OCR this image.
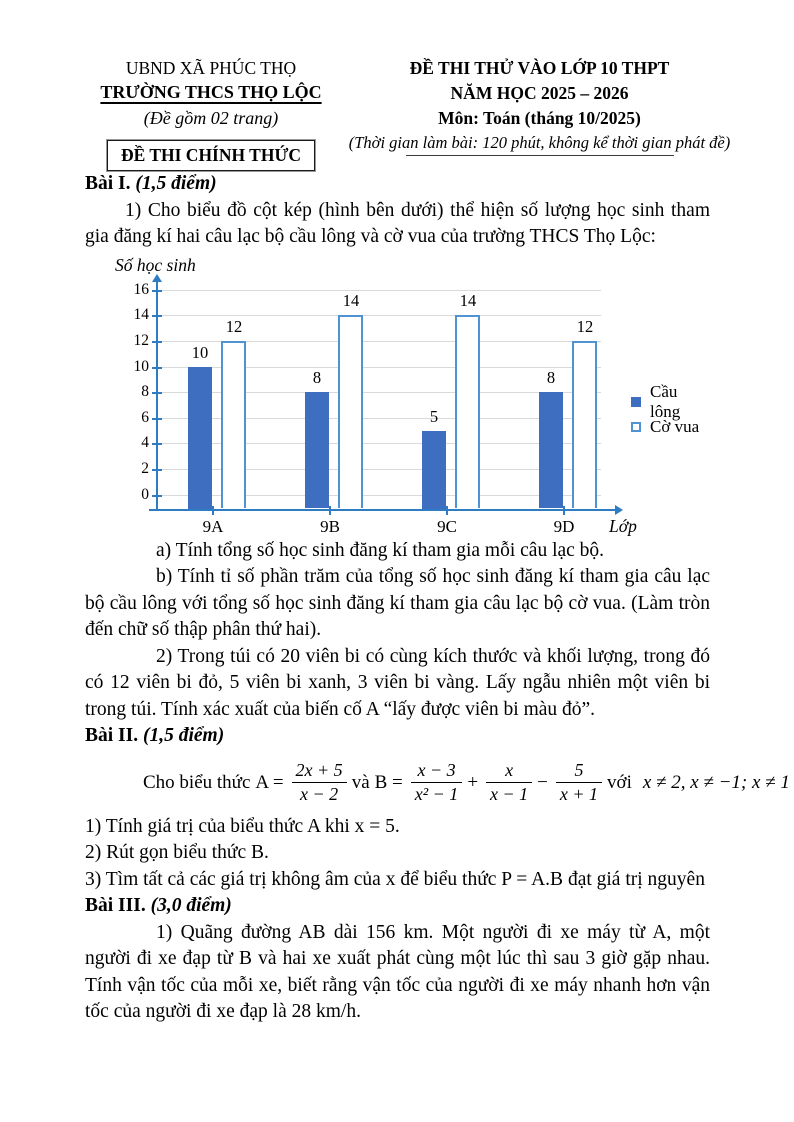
UBND XÃ PHÚC THỌ
TRƯỜNG THCS THỌ LỘC
(Đề gồm 02 trang)
ĐỀ THI CHÍNH THỨC
ĐỀ THI THỬ VÀO LỚP 10 THPT
NĂM HỌC 2025 – 2026
Môn: Toán (tháng 10/2025)
(Thời gian làm bài: 120 phút, không kể thời gian phát đề)

Bài I. (1,5 điểm)

1) Cho biểu đồ cột kép (hình bên dưới) thể hiện số lượng học sinh tham gia đăng kí hai câu lạc bộ cầu lông và cờ vua của trường THCS Thọ Lộc:

Số học sinh
0
2
4
6
8
10
12
14
16
10
12
9A
8
14
9B
5
14
9C
8
12
9D Lớp
Cầu lông
Cờ vua

a) Tính tổng số học sinh đăng kí tham gia mỗi câu lạc bộ.

b) Tính tỉ số phần trăm của tổng số học sinh đăng kí tham gia câu lạc bộ cầu lông với tổng số học sinh đăng kí tham gia câu lạc bộ cờ vua. (Làm tròn đến chữ số thập phân thứ hai).

2) Trong túi có 20 viên bi có cùng kích thước và khối lượng, trong đó có 12 viên bi đỏ, 5 viên bi xanh, 3 viên bi vàng. Lấy ngẫu nhiên một viên bi trong túi. Tính xác xuất của biến cố A “lấy được viên bi màu đỏ”.

Bài II. (1,5 điểm)

Cho biểu thức $A = \frac{2x + 5}{x - 2}$ và $B = \frac{x - 3}{\text{x² − 1}} + \frac{x}{x - 1} - \frac{5}{x + 1}$ với x ≠ 2, x ≠ −1; x ≠ 1

1) Tính giá trị của biểu thức A khi x = 5.

2) Rút gọn biểu thức B.

3) Tìm tất cả các giá trị không âm của x để biểu thức P = A.B đạt giá trị nguyên

Bài III. (3,0 điểm)

1) Quãng đường AB dài 156 km. Một người đi xe máy từ A, một người đi xe đạp từ B và hai xe xuất phát cùng một lúc thì sau 3 giờ gặp nhau. Tính vận tốc của mỗi xe, biết rằng vận tốc của người đi xe máy nhanh hơn vận tốc của người đi xe đạp là 28 km/h.
